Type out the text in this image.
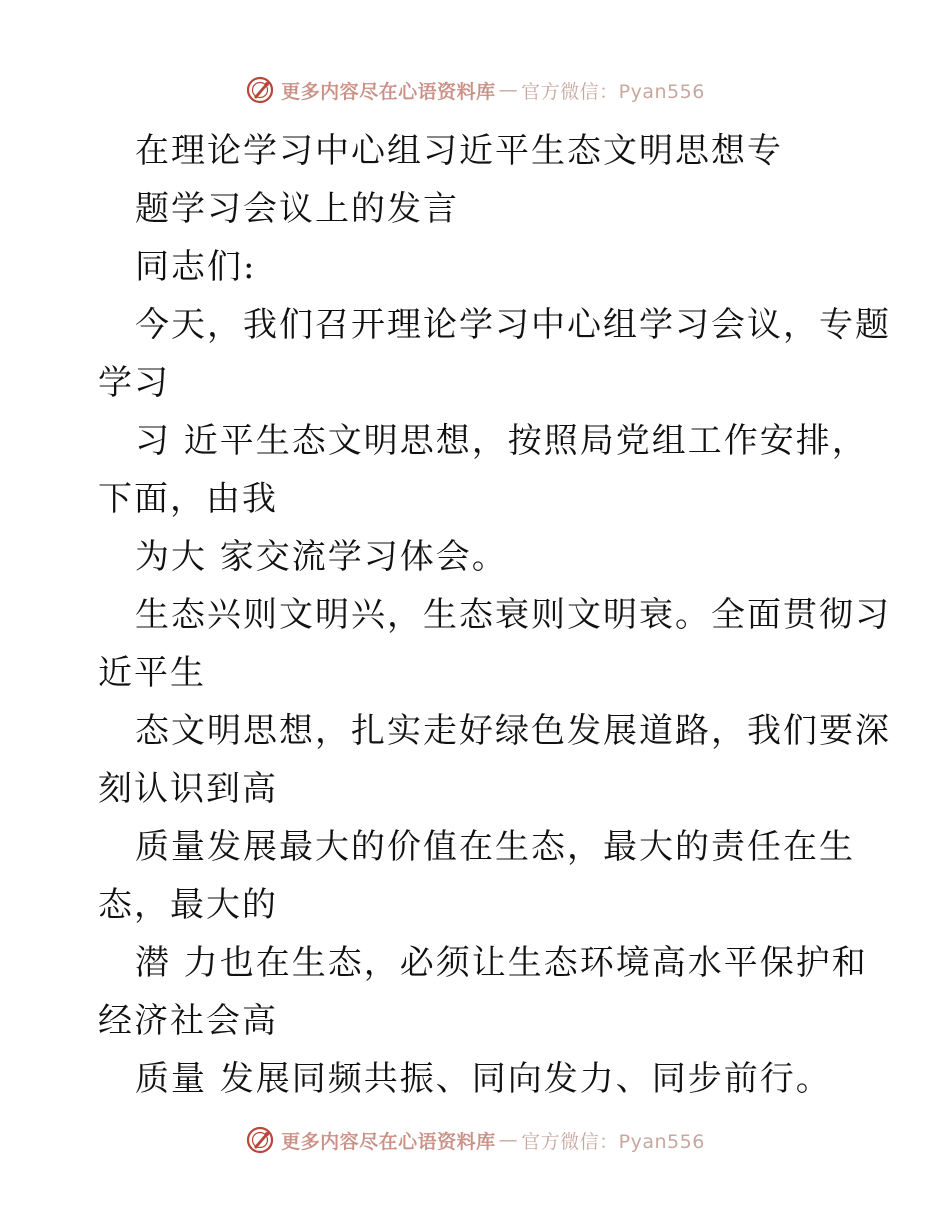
更多内容尽在心语资料库 — 官方微信：Pyan556
在理论学习中心组习近平生态文明思想专
题学习会议上的发言
同志们:
今天，我们召开理论学习中心组学习会议，专题
学习
习 近平生态文明思想，按照局党组工作安排，
下面，由我
为大 家交流学习体会。
生态兴则文明兴，生态衰则文明衰。全面贯彻习
近平生
态文明思想，扎实走好绿色发展道路，我们要深
刻认识到高
质量发展最大的价值在生态，最大的责任在生
态，最大的
潜 力也在生态，必须让生态环境高水平保护和
经济社会高
质量 发展同频共振、同向发力、同步前行。
更多内容尽在心语资料库 — 官方微信：Pyan556
